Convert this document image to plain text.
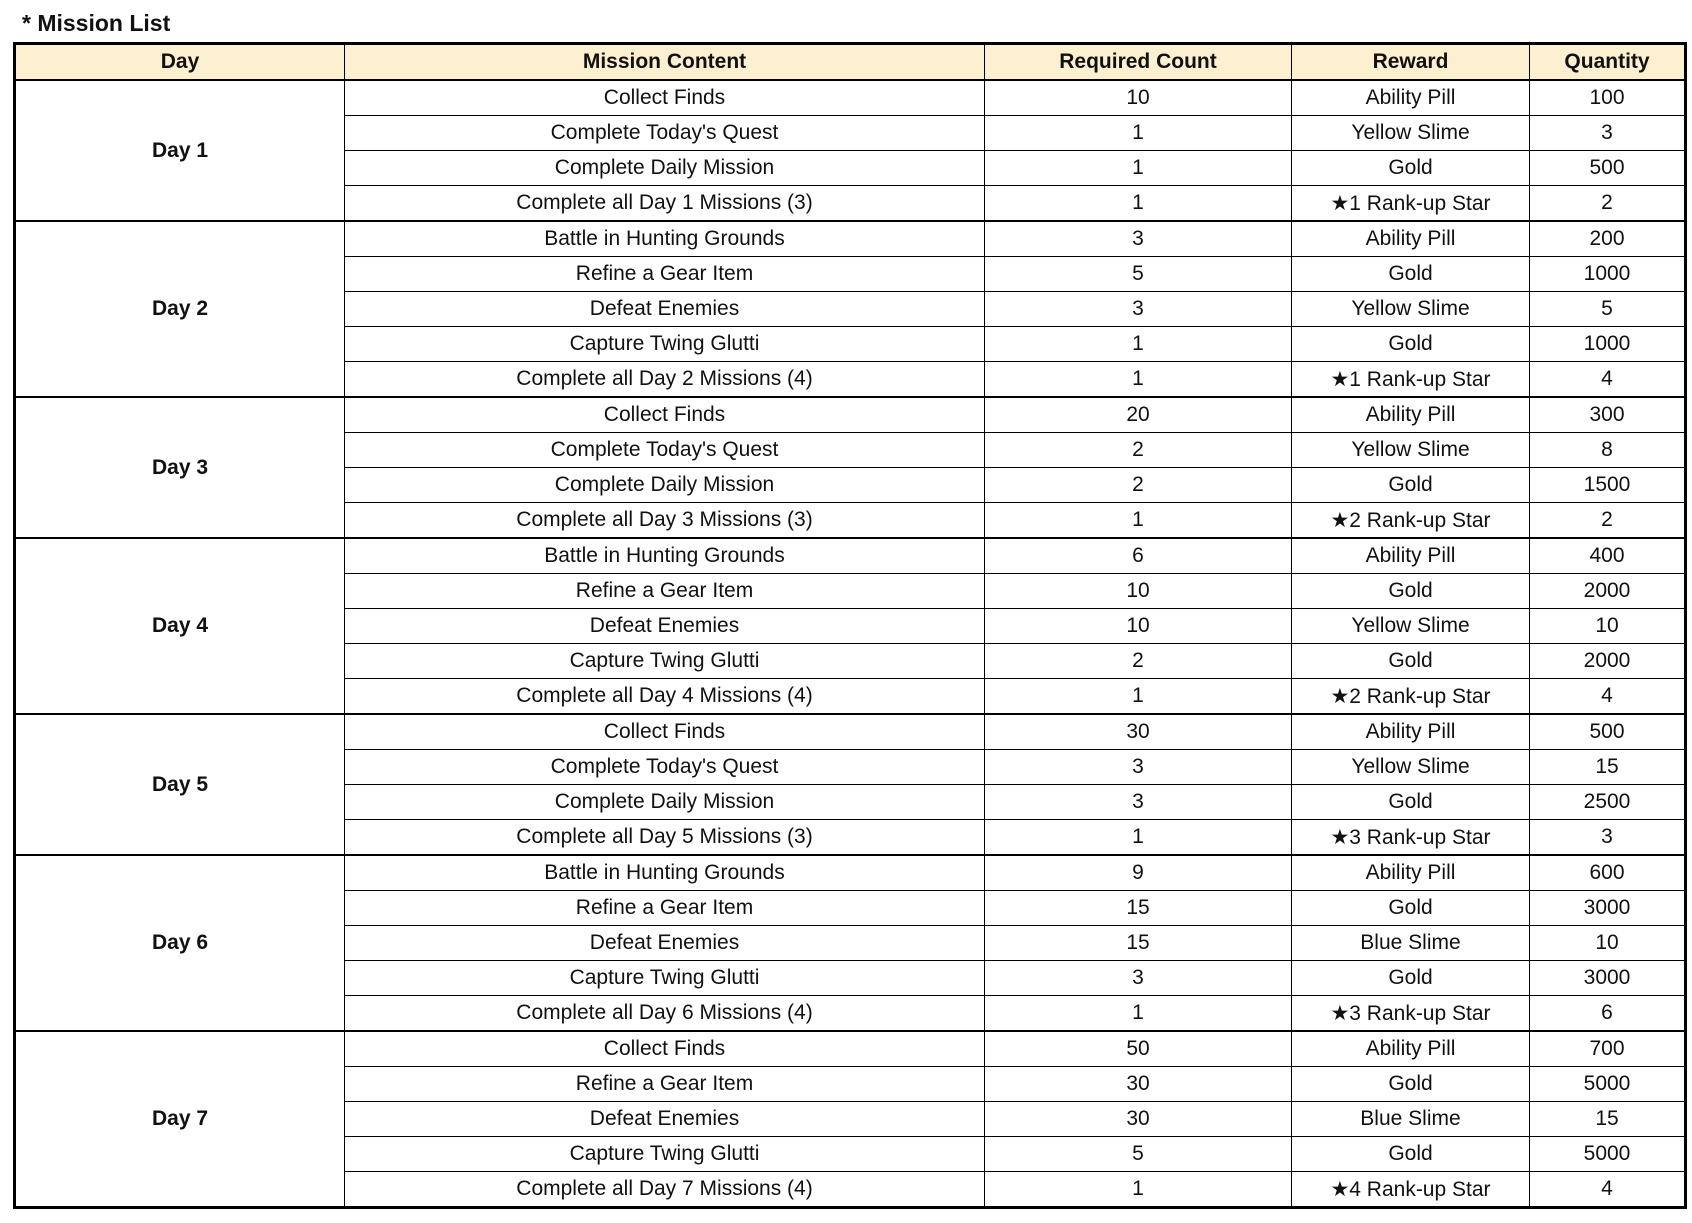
* Mission List
Day	Mission Content	Required Count	Reward	Quantity
Day 1	Collect Finds	10	Ability Pill	100
	Complete Today's Quest	1	Yellow Slime	3
	Complete Daily Mission	1	Gold	500
	Complete all Day 1 Missions (3)	1	★1 Rank-up Star	2
Day 2	Battle in Hunting Grounds	3	Ability Pill	200
	Refine a Gear Item	5	Gold	1000
	Defeat Enemies	3	Yellow Slime	5
	Capture Twing Glutti	1	Gold	1000
	Complete all Day 2 Missions (4)	1	★1 Rank-up Star	4
Day 3	Collect Finds	20	Ability Pill	300
	Complete Today's Quest	2	Yellow Slime	8
	Complete Daily Mission	2	Gold	1500
	Complete all Day 3 Missions (3)	1	★2 Rank-up Star	2
Day 4	Battle in Hunting Grounds	6	Ability Pill	400
	Refine a Gear Item	10	Gold	2000
	Defeat Enemies	10	Yellow Slime	10
	Capture Twing Glutti	2	Gold	2000
	Complete all Day 4 Missions (4)	1	★2 Rank-up Star	4
Day 5	Collect Finds	30	Ability Pill	500
	Complete Today's Quest	3	Yellow Slime	15
	Complete Daily Mission	3	Gold	2500
	Complete all Day 5 Missions (3)	1	★3 Rank-up Star	3
Day 6	Battle in Hunting Grounds	9	Ability Pill	600
	Refine a Gear Item	15	Gold	3000
	Defeat Enemies	15	Blue Slime	10
	Capture Twing Glutti	3	Gold	3000
	Complete all Day 6 Missions (4)	1	★3 Rank-up Star	6
Day 7	Collect Finds	50	Ability Pill	700
	Refine a Gear Item	30	Gold	5000
	Defeat Enemies	30	Blue Slime	15
	Capture Twing Glutti	5	Gold	5000
	Complete all Day 7 Missions (4)	1	★4 Rank-up Star	4
